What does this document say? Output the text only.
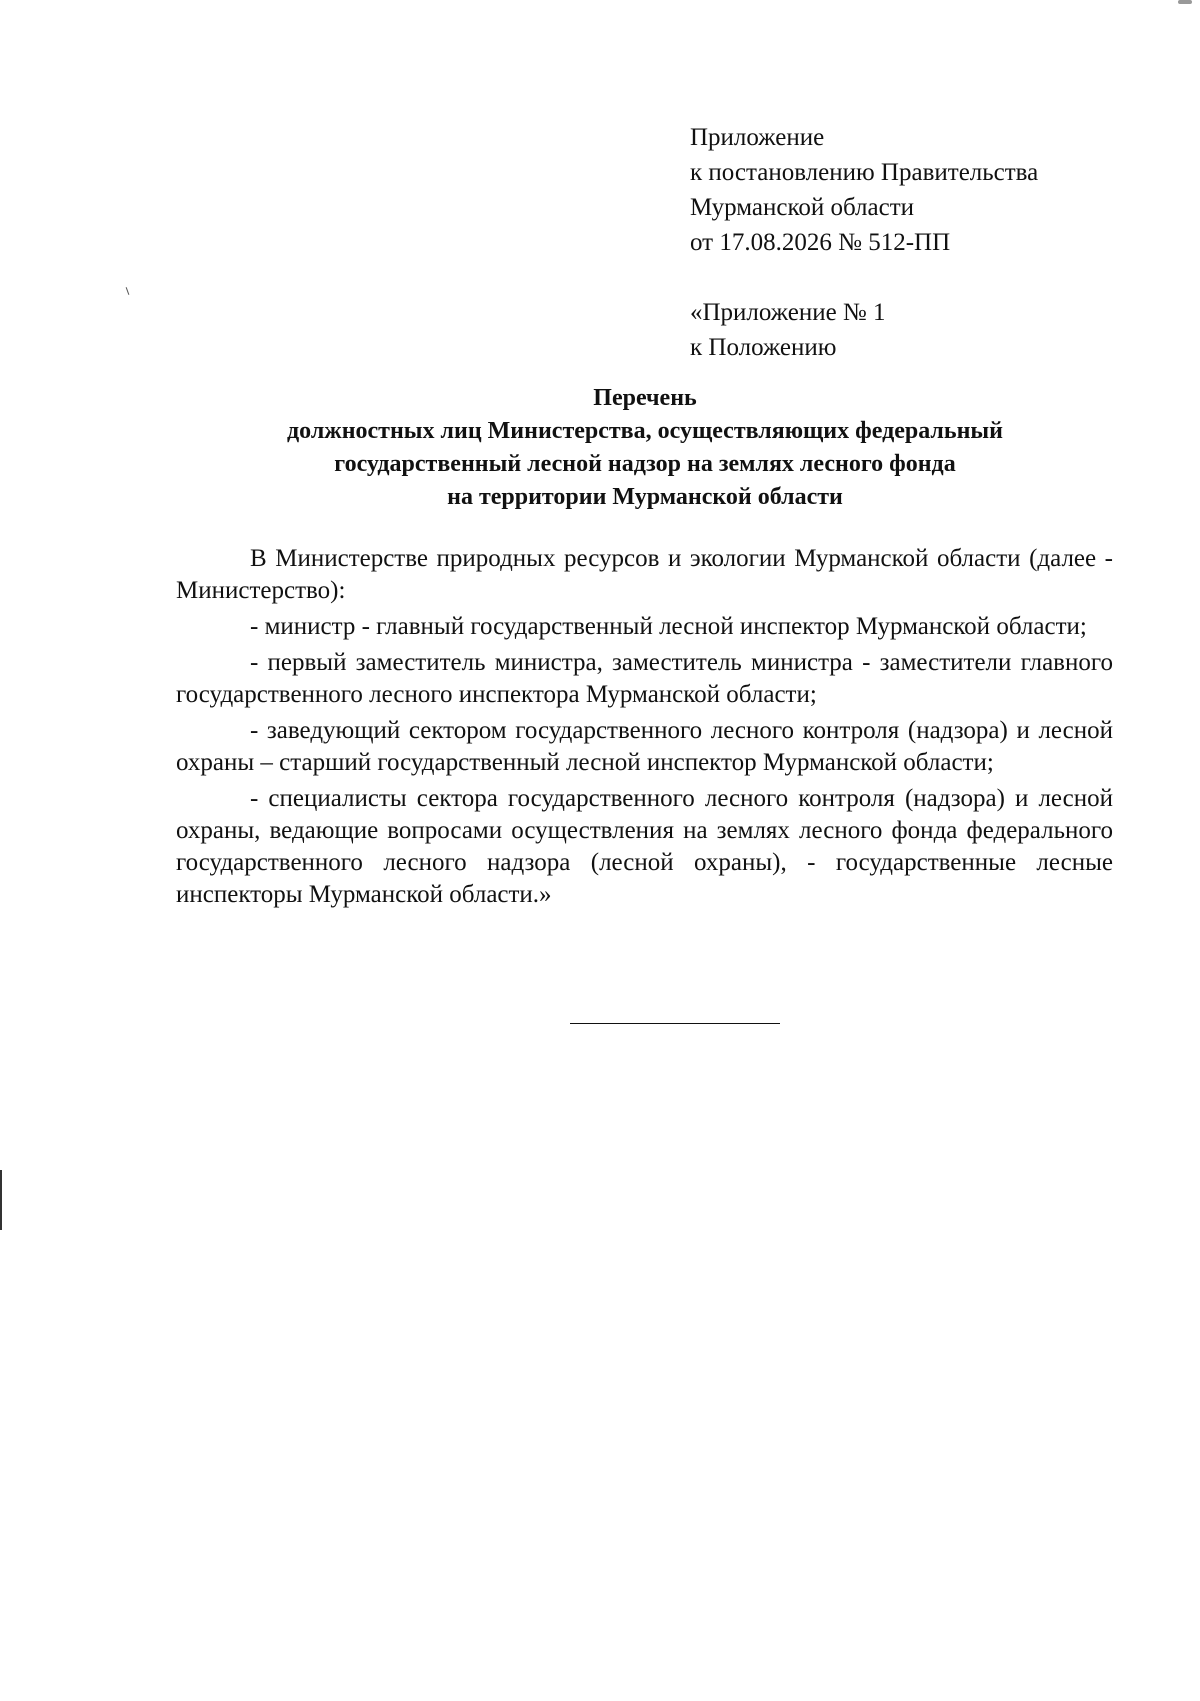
Приложение
к постановлению Правительства
Мурманской области
от 17.08.2026 № 512-ПП
«Приложение № 1
к Положению
Перечень
должностных лиц Министерства, осуществляющих федеральный
государственный лесной надзор на землях лесного фонда
на территории Мурманской области

В Министерстве природных ресурсов и экологии Мурманской области (далее - Министерство):

- министр - главный государственный лесной инспектор Мурманской области;

- первый заместитель министра, заместитель министра - заместители главного государственного лесного инспектора Мурманской области;

- заведующий сектором государственного лесного контроля (надзора) и лесной охраны – старший государственный лесной инспектор Мурманской области;

- специалисты сектора государственного лесного контроля (надзора) и лесной охраны, ведающие вопросами осуществления на землях лесного фонда федерального государственного лесного надзора (лесной охраны), - государственные лесные инспекторы Мурманской области.»
